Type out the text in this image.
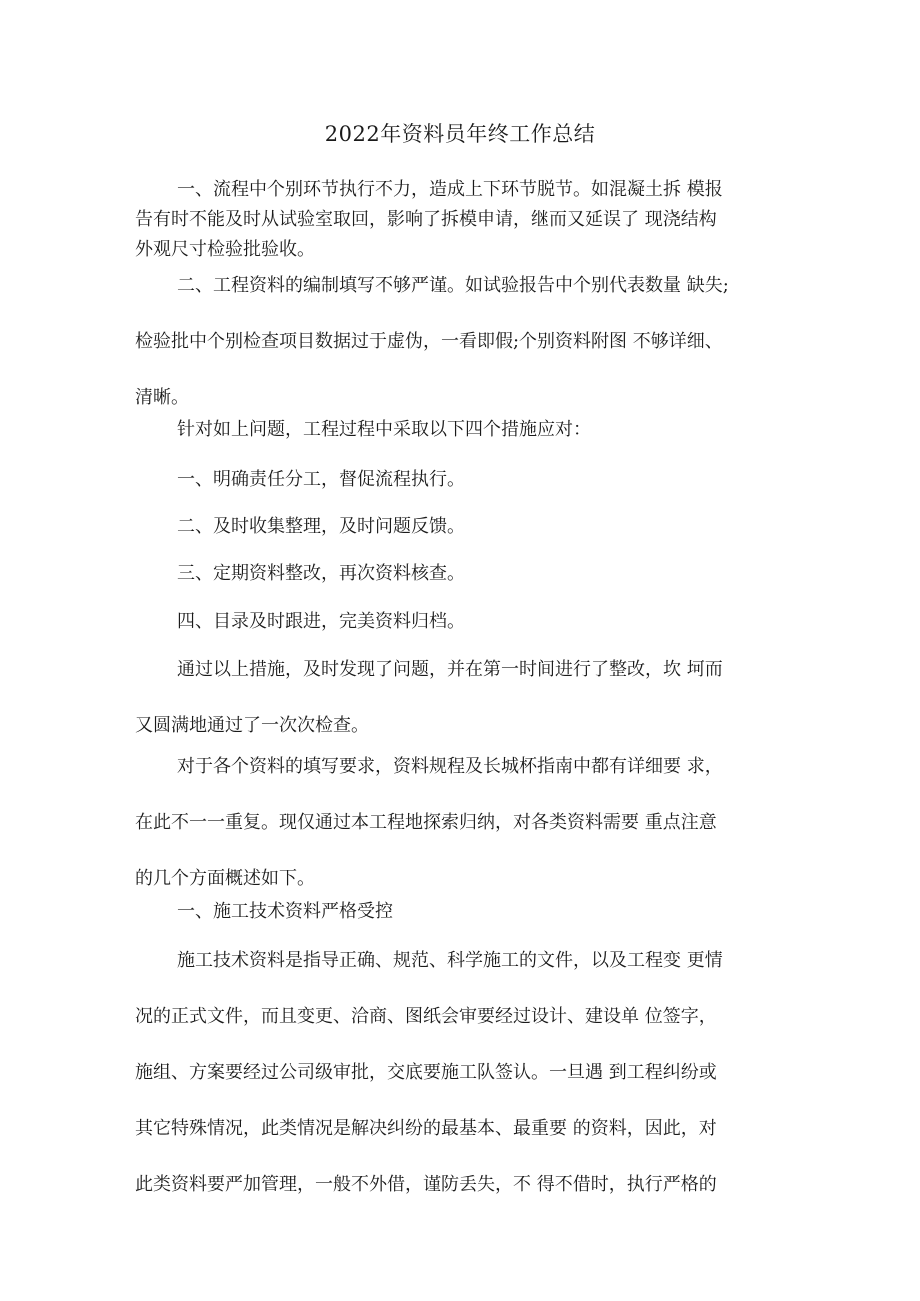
2022年资料员年终工作总结
一、流程中个别环节执行不力，造成上下环节脱节。如混凝土拆 模报
告有时不能及时从试验室取回，影响了拆模申请，继而又延误了 现浇结构
外观尺寸检验批验收。
二、工程资料的编制填写不够严谨。如试验报告中个别代表数量 缺失;
检验批中个别检查项目数据过于虚伪，一看即假;个别资料附图 不够详细、
清晰。
针对如上问题，工程过程中采取以下四个措施应对：
一、明确责任分工，督促流程执行。
二、及时收集整理，及时问题反馈。
三、定期资料整改，再次资料核查。
四、目录及时跟进，完美资料归档。
通过以上措施，及时发现了问题，并在第一时间进行了整改，坎 坷而
又圆满地通过了一次次检查。
对于各个资料的填写要求，资料规程及长城杯指南中都有详细要 求，
在此不一一重复。现仅通过本工程地探索归纳，对各类资料需要 重点注意
的几个方面概述如下。
一、施工技术资料严格受控
施工技术资料是指导正确、规范、科学施工的文件，以及工程变 更情
况的正式文件，而且变更、洽商、图纸会审要经过设计、建设单 位签字，
施组、方案要经过公司级审批，交底要施工队签认。一旦遇 到工程纠纷或
其它特殊情况，此类情况是解决纠纷的最基本、最重要 的资料，因此，对
此类资料要严加管理，一般不外借，谨防丢失，不 得不借时，执行严格的
